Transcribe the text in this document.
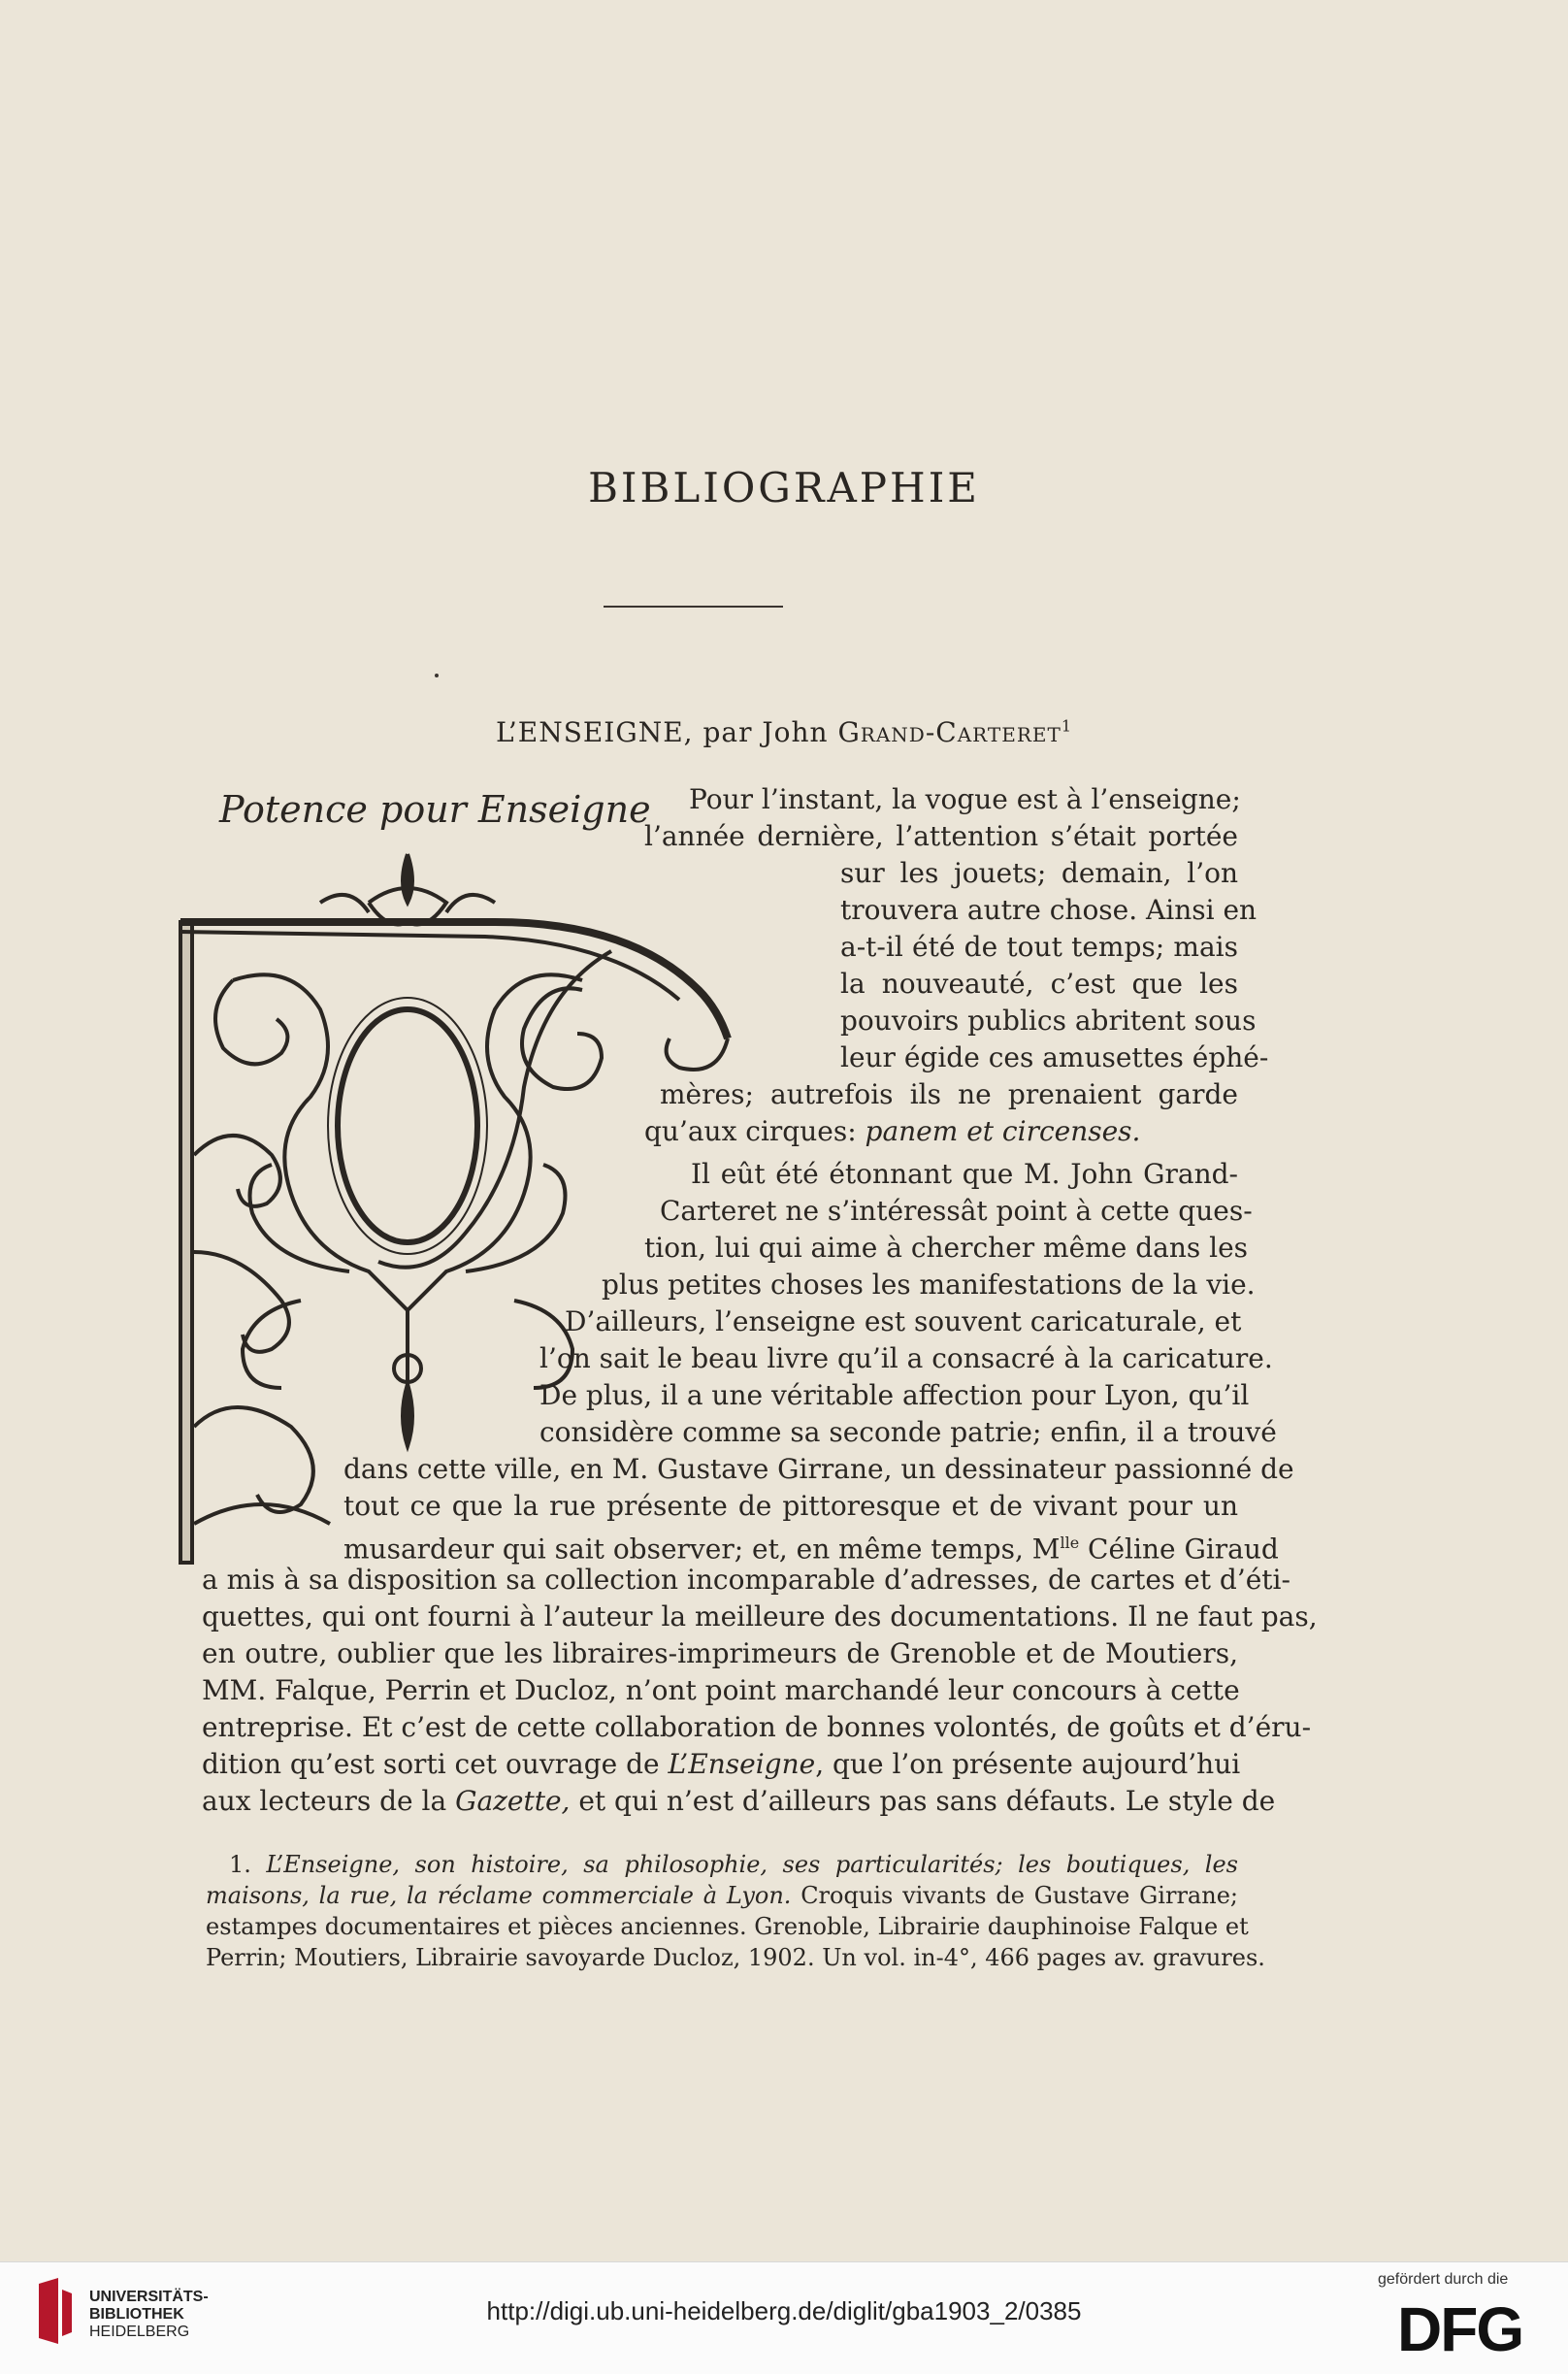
BIBLIOGRAPHIE
L’ENSEIGNE, par John Grand-Carteret$^1$
Potence pour Enseigne Pour l’instant, la vogue est à l’enseigne;
l’année dernière, l’attention s’était portée
sur les jouets; demain, l’on
trouvera autre chose. Ainsi en
a-t-il été de tout temps; mais
la nouveauté, c’est que les
pouvoirs publics abritent sous
leur égide ces amusettes éphé-
mères; autrefois ils ne prenaient garde
qu’aux cirques: panem et circenses.
Il eût été étonnant que M. John Grand-
Carteret ne s’intéressât point à cette ques-
tion, lui qui aime à chercher même dans les
plus petites choses les manifestations de la vie.
D’ailleurs, l’enseigne est souvent caricaturale, et
l’on sait le beau livre qu’il a consacré à la caricature.
De plus, il a une véritable affection pour Lyon, qu’il
considère comme sa seconde patrie; enfin, il a trouvé
dans cette ville, en M. Gustave Girrane, un dessinateur passionné de
tout ce que la rue présente de pittoresque et de vivant pour un
musardeur qui sait observer; et, en même temps, $M^{lle}$ Céline Giraud
a mis à sa disposition sa collection incomparable d’adresses, de cartes et d’éti-
quettes, qui ont fourni à l’auteur la meilleure des documentations. Il ne faut pas,
en outre, oublier que les libraires-imprimeurs de Grenoble et de Moutiers,
MM. Falque, Perrin et Ducloz, n’ont point marchandé leur concours à cette
entreprise. Et c’est de cette collaboration de bonnes volontés, de goûts et d’éru-
dition qu’est sorti cet ouvrage de L’Enseigne, que l’on présente aujourd’hui
aux lecteurs de la Gazette, et qui n’est d’ailleurs pas sans défauts. Le style de
1. L’Enseigne, son histoire, sa philosophie, ses particularités; les boutiques, les
maisons, la rue, la réclame commerciale à Lyon. Croquis vivants de Gustave Girrane;
estampes documentaires et pièces anciennes. Grenoble, Librairie dauphinoise Falque et
Perrin; Moutiers, Librairie savoyarde Ducloz, 1902. Un vol. in-4°, 466 pages av. gravures.
UNIVERSITÄTS-
BIBLIOTHEK
HEIDELBERG
http://digi.ub.uni-heidelberg.de/diglit/gba1903_2/0385
gefördert durch die
DFG
